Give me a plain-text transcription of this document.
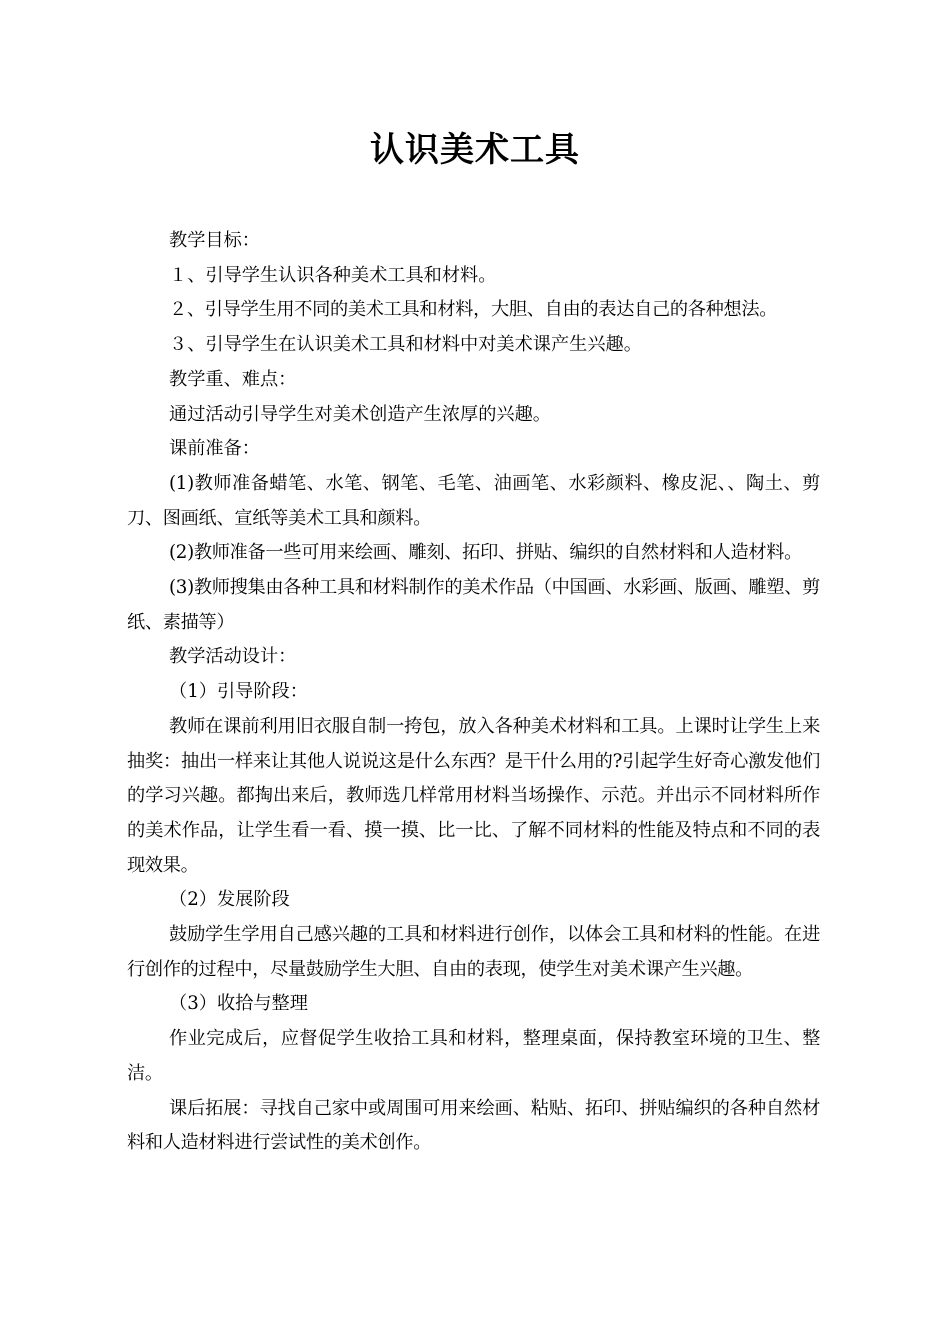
认识美术工具

教学目标：

１、引导学生认识各种美术工具和材料。

２、引导学生用不同的美术工具和材料，大胆、自由的表达自己的各种想法。

３、引导学生在认识美术工具和材料中对美术课产生兴趣。

教学重、难点：

通过活动引导学生对美术创造产生浓厚的兴趣。

课前准备：

(1)教师准备蜡笔、水笔、钢笔、毛笔、油画笔、水彩颜料、橡皮泥、、陶土、剪刀、图画纸、宣纸等美术工具和颜料。

(2)教师准备一些可用来绘画、雕刻、拓印、拼贴、编织的自然材料和人造材料。

(3)教师搜集由各种工具和材料制作的美术作品（中国画、水彩画、版画、雕塑、剪纸、素描等）

教学活动设计：

（1）引导阶段：

教师在课前利用旧衣服自制一挎包，放入各种美术材料和工具。上课时让学生上来抽奖：抽出一样来让其他人说说这是什么东西？是干什么用的?引起学生好奇心激发他们的学习兴趣。都掏出来后，教师选几样常用材料当场操作、示范。并出示不同材料所作的美术作品，让学生看一看、摸一摸、比一比、了解不同材料的性能及特点和不同的表现效果。

（2）发展阶段

鼓励学生学用自己感兴趣的工具和材料进行创作，以体会工具和材料的性能。在进行创作的过程中，尽量鼓励学生大胆、自由的表现，使学生对美术课产生兴趣。

（3）收拾与整理

作业完成后，应督促学生收拾工具和材料，整理桌面，保持教室环境的卫生、整洁。

课后拓展：寻找自己家中或周围可用来绘画、粘贴、拓印、拼贴编织的各种自然材料和人造材料进行尝试性的美术创作。
